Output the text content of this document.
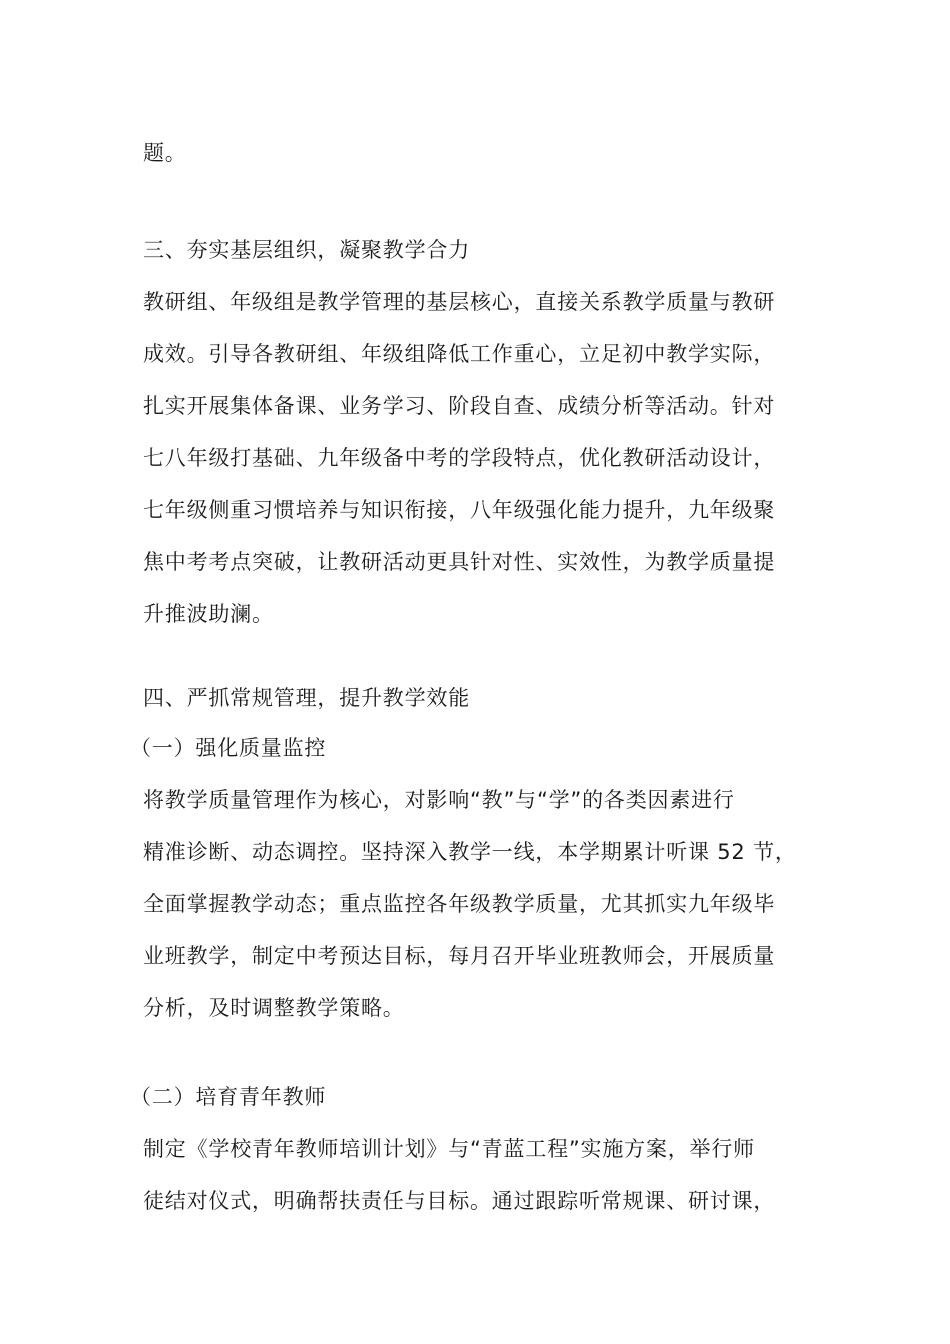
题。
三、夯实基层组织，凝聚教学合力
教研组、年级组是教学管理的基层核心，直接关系教学质量与教研
成效。引导各教研组、年级组降低工作重心，立足初中教学实际，
扎实开展集体备课、业务学习、阶段自查、成绩分析等活动。针对
七八年级打基础、九年级备中考的学段特点，优化教研活动设计，
七年级侧重习惯培养与知识衔接，八年级强化能力提升，九年级聚
焦中考考点突破，让教研活动更具针对性、实效性，为教学质量提
升推波助澜。
四、严抓常规管理，提升教学效能
（一）强化质量监控
将教学质量管理作为核心，对影响“教”与“学”的各类因素进行
精准诊断、动态调控。坚持深入教学一线，本学期累计听课 52 节，
全面掌握教学动态；重点监控各年级教学质量，尤其抓实九年级毕
业班教学，制定中考预达目标，每月召开毕业班教师会，开展质量
分析，及时调整教学策略。
（二）培育青年教师
制定《学校青年教师培训计划》与“青蓝工程”实施方案，举行师
徒结对仪式，明确帮扶责任与目标。通过跟踪听常规课、研讨课，
